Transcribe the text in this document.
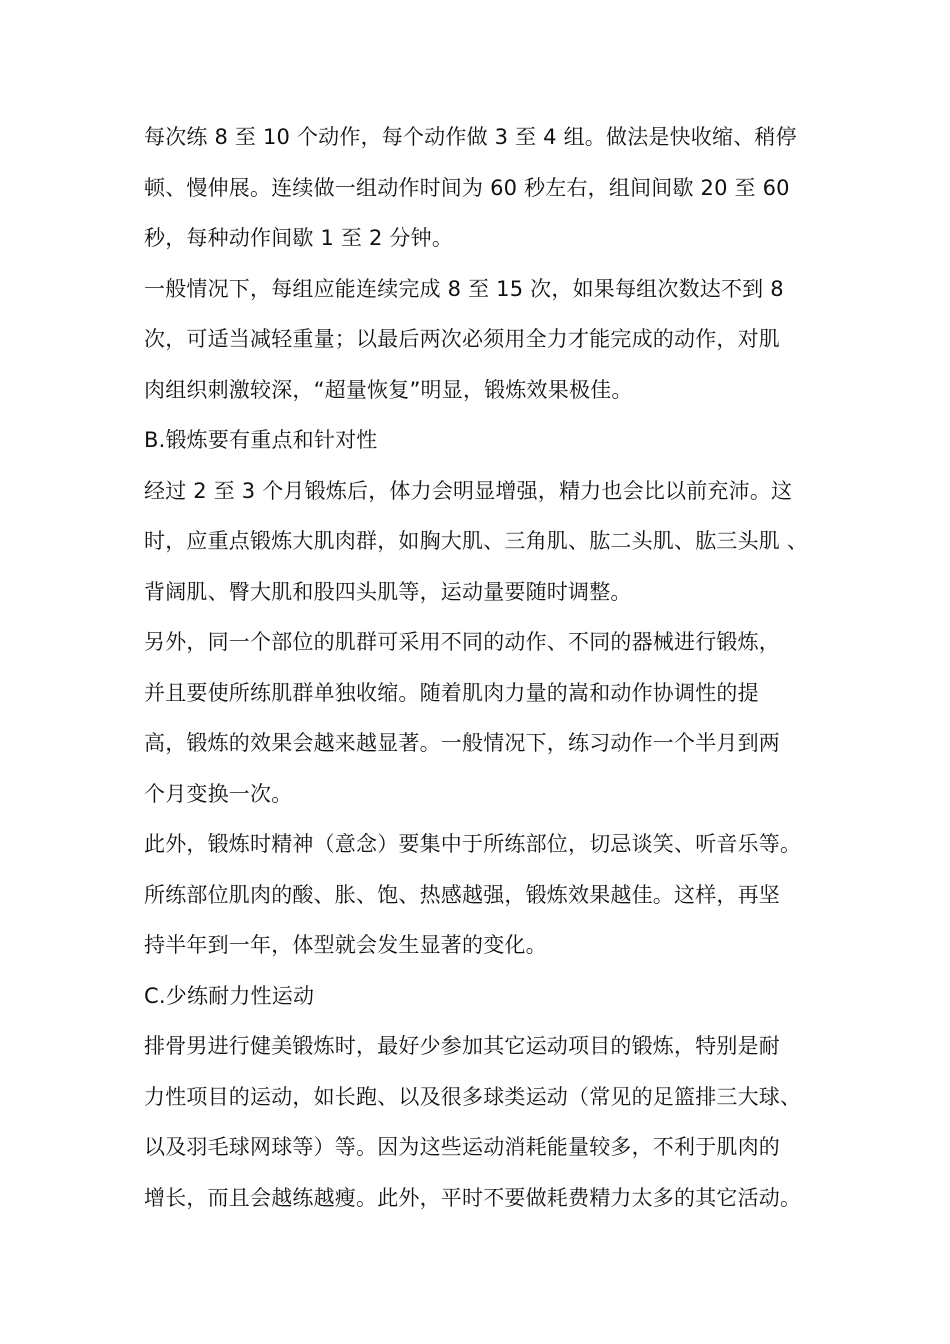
每次练 8 至 10 个动作，每个动作做 3 至 4 组。做法是快收缩、稍停
顿、慢伸展。连续做一组动作时间为 60 秒左右，组间间歇 20 至 60
秒，每种动作间歇 1 至 2 分钟。

一般情况下，每组应能连续完成 8 至 15 次，如果每组次数达不到 8
次，可适当减轻重量；以最后两次必须用全力才能完成的动作，对肌
肉组织刺激较深，“超量恢复”明显，锻炼效果极佳。

B.锻炼要有重点和针对性

经过 2 至 3 个月锻炼后，体力会明显增强，精力也会比以前充沛。这
时，应重点锻炼大肌肉群，如胸大肌、三角肌、肱二头肌、肱三头肌 、
背阔肌、臀大肌和股四头肌等，运动量要随时调整。

另外，同一个部位的肌群可采用不同的动作、不同的器械进行锻炼，
并且要使所练肌群单独收缩。随着肌肉力量的嵩和动作协调性的提
高，锻炼的效果会越来越显著。一般情况下，练习动作一个半月到两
个月变换一次。

此外，锻炼时精神（意念）要集中于所练部位，切忌谈笑、听音乐等。
所练部位肌肉的酸、胀、饱、热感越强，锻炼效果越佳。这样，再坚
持半年到一年，体型就会发生显著的变化。

C.少练耐力性运动

排骨男进行健美锻炼时，最好少参加其它运动项目的锻炼，特别是耐
力性项目的运动，如长跑、以及很多球类运动（常见的足篮排三大球、
以及羽毛球网球等）等。因为这些运动消耗能量较多，不利于肌肉的
增长，而且会越练越瘦。此外，平时不要做耗费精力太多的其它活动。
